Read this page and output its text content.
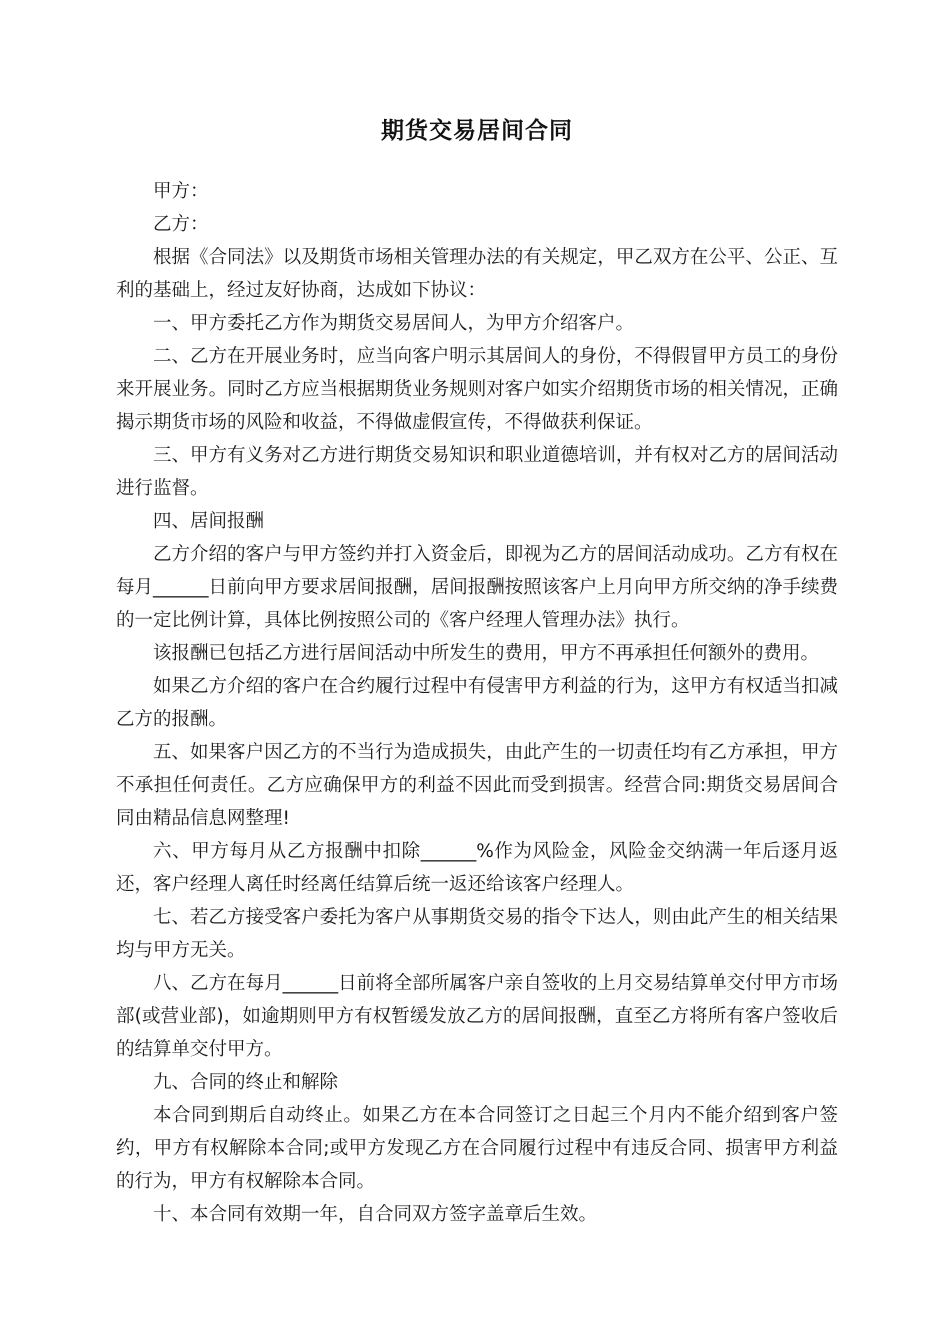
期货交易居间合同

甲方：

乙方：

根据《合同法》以及期货市场相关管理办法的有关规定，甲乙双方在公平、公正、互利的基础上，经过友好协商，达成如下协议：

一、甲方委托乙方作为期货交易居间人，为甲方介绍客户。

二、乙方在开展业务时，应当向客户明示其居间人的身份，不得假冒甲方员工的身份来开展业务。同时乙方应当根据期货业务规则对客户如实介绍期货市场的相关情况，正确揭示期货市场的风险和收益，不得做虚假宣传，不得做获利保证。

三、甲方有义务对乙方进行期货交易知识和职业道德培训，并有权对乙方的居间活动进行监督。

四、居间报酬

乙方介绍的客户与甲方签约并打入资金后，即视为乙方的居间活动成功。乙方有权在每月______日前向甲方要求居间报酬，居间报酬按照该客户上月向甲方所交纳的净手续费的一定比例计算，具体比例按照公司的《客户经理人管理办法》执行。

该报酬已包括乙方进行居间活动中所发生的费用，甲方不再承担任何额外的费用。

如果乙方介绍的客户在合约履行过程中有侵害甲方利益的行为，这甲方有权适当扣减乙方的报酬。

五、如果客户因乙方的不当行为造成损失，由此产生的一切责任均有乙方承担，甲方不承担任何责任。乙方应确保甲方的利益不因此而受到损害。经营合同:期货交易居间合同由精品信息网整理!

六、甲方每月从乙方报酬中扣除______%作为风险金，风险金交纳满一年后逐月返还，客户经理人离任时经离任结算后统一返还给该客户经理人。

七、若乙方接受客户委托为客户从事期货交易的指令下达人，则由此产生的相关结果均与甲方无关。

八、乙方在每月______日前将全部所属客户亲自签收的上月交易结算单交付甲方市场部(或营业部)，如逾期则甲方有权暂缓发放乙方的居间报酬，直至乙方将所有客户签收后的结算单交付甲方。

九、合同的终止和解除

本合同到期后自动终止。如果乙方在本合同签订之日起三个月内不能介绍到客户签约，甲方有权解除本合同;或甲方发现乙方在合同履行过程中有违反合同、损害甲方利益的行为，甲方有权解除本合同。

十、本合同有效期一年，自合同双方签字盖章后生效。
